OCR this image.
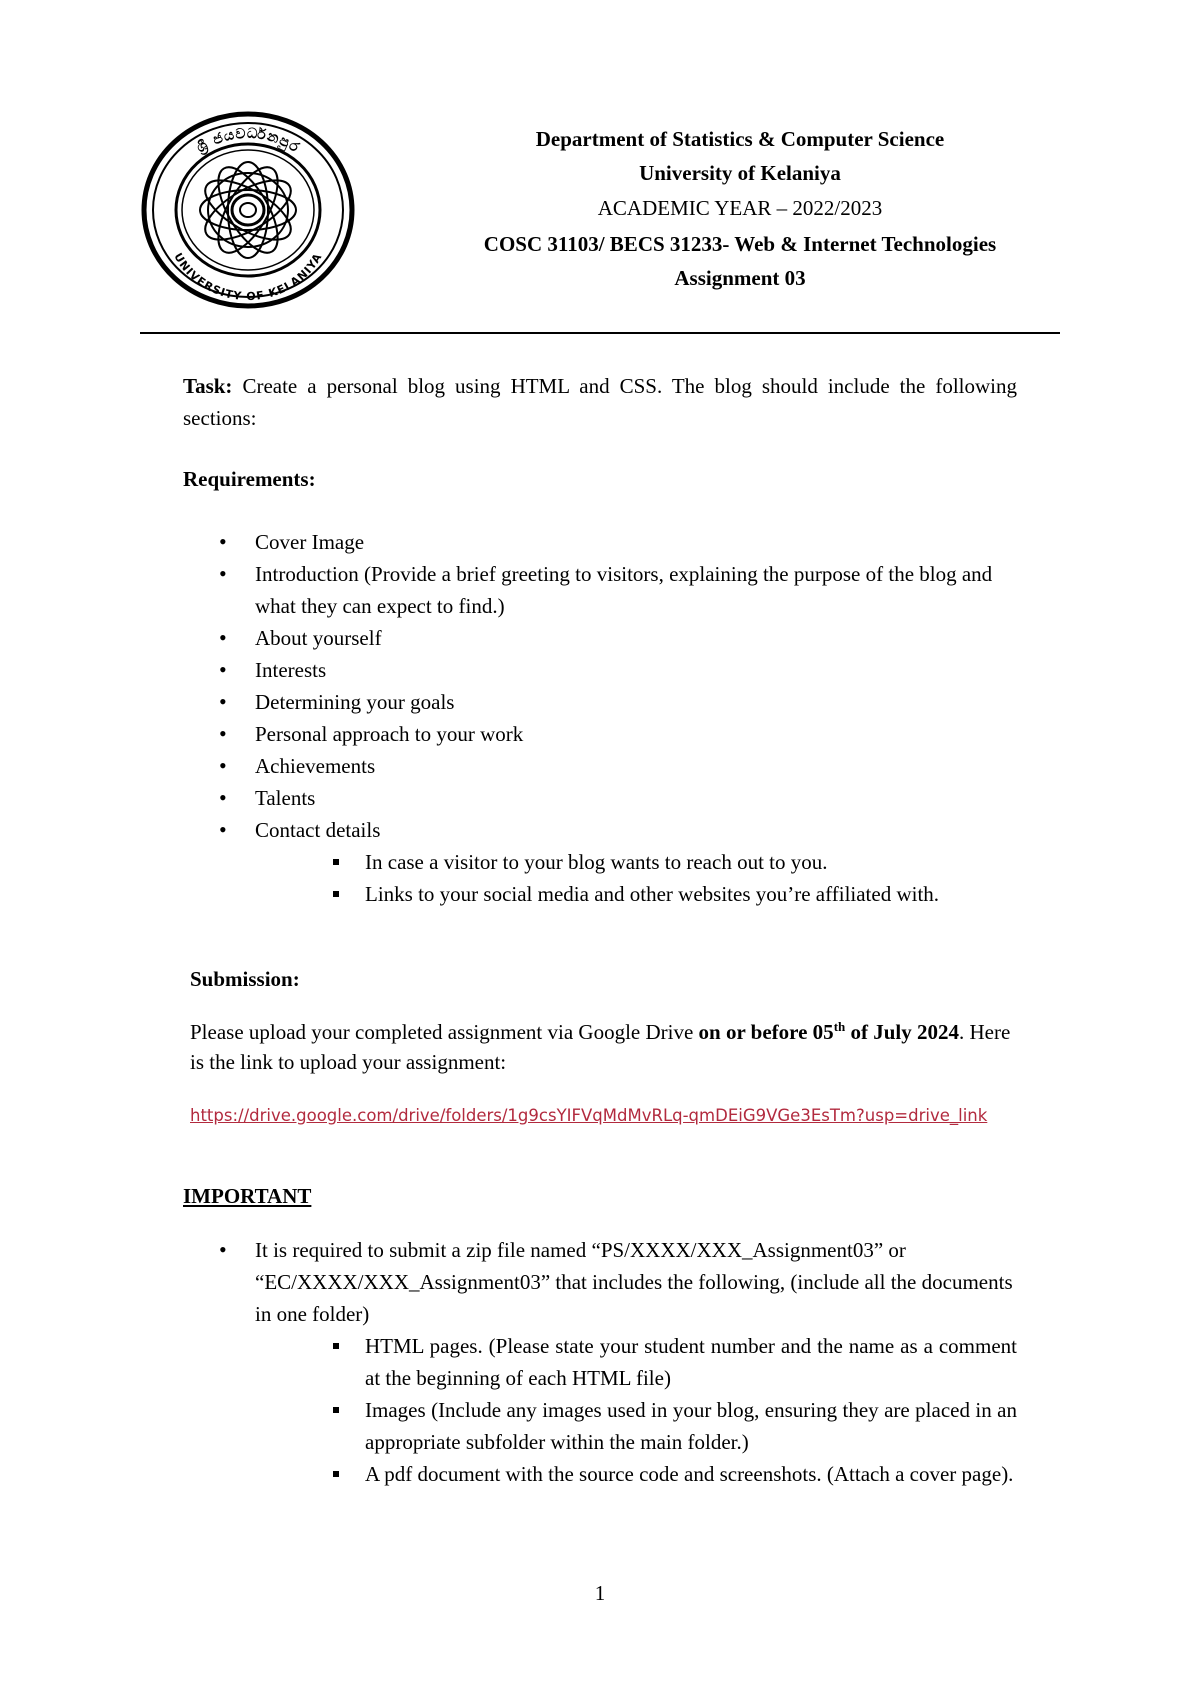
ශ්‍රී ජයවර්ධනපුර
UNIVERSITY OF KELANIYA
Department of Statistics & Computer Science
University of Kelaniya
ACADEMIC YEAR – 2022/2023
COSC 31103/ BECS 31233- Web & Internet Technologies
Assignment 03

Task: Create a personal blog using HTML and CSS. The blog should include the following sections:

Requirements:

• Cover Image
• Introduction (Provide a brief greeting to visitors, explaining the purpose of the blog and what they can expect to find.)
• About yourself
• Interests
• Determining your goals
• Personal approach to your work
• Achievements
• Talents
• Contact details
In case a visitor to your blog wants to reach out to you.
Links to your social media and other websites you’re affiliated with.

Submission:

Please upload your completed assignment via Google Drive on or before 05th of July 2024. Here is the link to upload your assignment:

https://drive.google.com/drive/folders/1g9csYIFVqMdMvRLq-qmDEiG9VGe3EsTm?usp=drive_link

IMPORTANT

• It is required to submit a zip file named “PS/XXXX/XXX_Assignment03” or “EC/XXXX/XXX_Assignment03” that includes the following, (include all the documents in one folder)
HTML pages. (Please state your student number and the name as a comment at the beginning of each HTML file)
Images (Include any images used in your blog, ensuring they are placed in an appropriate subfolder within the main folder.)
A pdf document with the source code and screenshots. (Attach a cover page).
1
